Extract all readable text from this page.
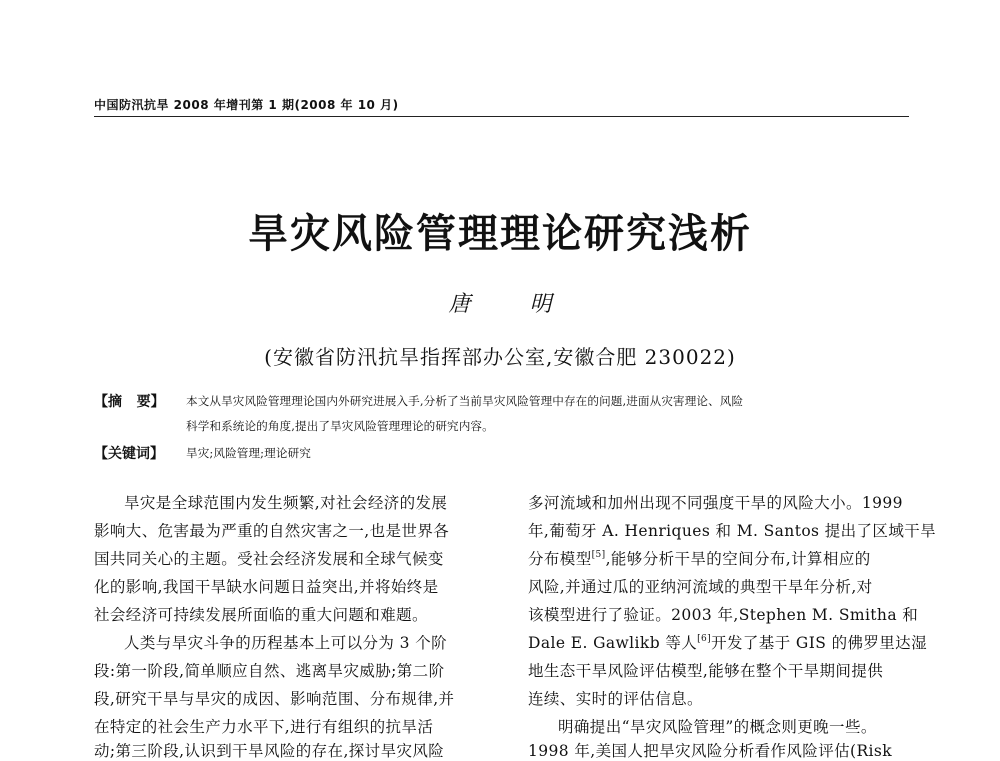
中国防汛抗旱 2008 年增刊第 1 期(2008 年 10 月)
旱灾风险管理理论研究浅析
唐 明
(安徽省防汛抗旱指挥部办公室,安徽合肥 230022)
【摘   要】 本文从旱灾风险管理理论国内外研究进展入手,分析了当前旱灾风险管理中存在的问题,进面从灾害理论、风险
科学和系统论的角度,提出了旱灾风险管理理论的研究内容。
【关键词】 旱灾;风险管理;理论研究
旱灾是全球范围内发生频繁,对社会经济的发展
影响大、危害最为严重的自然灾害之一,也是世界各
国共同关心的主题。受社会经济发展和全球气候变
化的影响,我国干旱缺水问题日益突出,并将始终是
社会经济可持续发展所面临的重大问题和难题。
人类与旱灾斗争的历程基本上可以分为 3 个阶
段:第一阶段,简单顺应自然、逃离旱灾威胁;第二阶
段,研究干旱与旱灾的成因、影响范围、分布规律,并
在特定的社会生产力水平下,进行有组织的抗旱活
动;第三阶段,认识到干旱风险的存在,探讨旱灾风险
多河流域和加州出现不同强度干旱的风险大小。1999
年,葡萄牙 A. Henriques 和 M. Santos 提出了区域干旱
分布模型[5],能够分析干旱的空间分布,计算相应的
风险,并通过瓜的亚纳河流域的典型干旱年分析,对
该模型进行了验证。2003 年,Stephen M. Smitha 和
Dale E. Gawlikb 等人[6]开发了基于 GIS 的佛罗里达湿
地生态干旱风险评估模型,能够在整个干旱期间提供
连续、实时的评估信息。
明确提出“旱灾风险管理”的概念则更晚一些。
1998 年,美国人把旱灾风险分析看作风险评估(Risk
